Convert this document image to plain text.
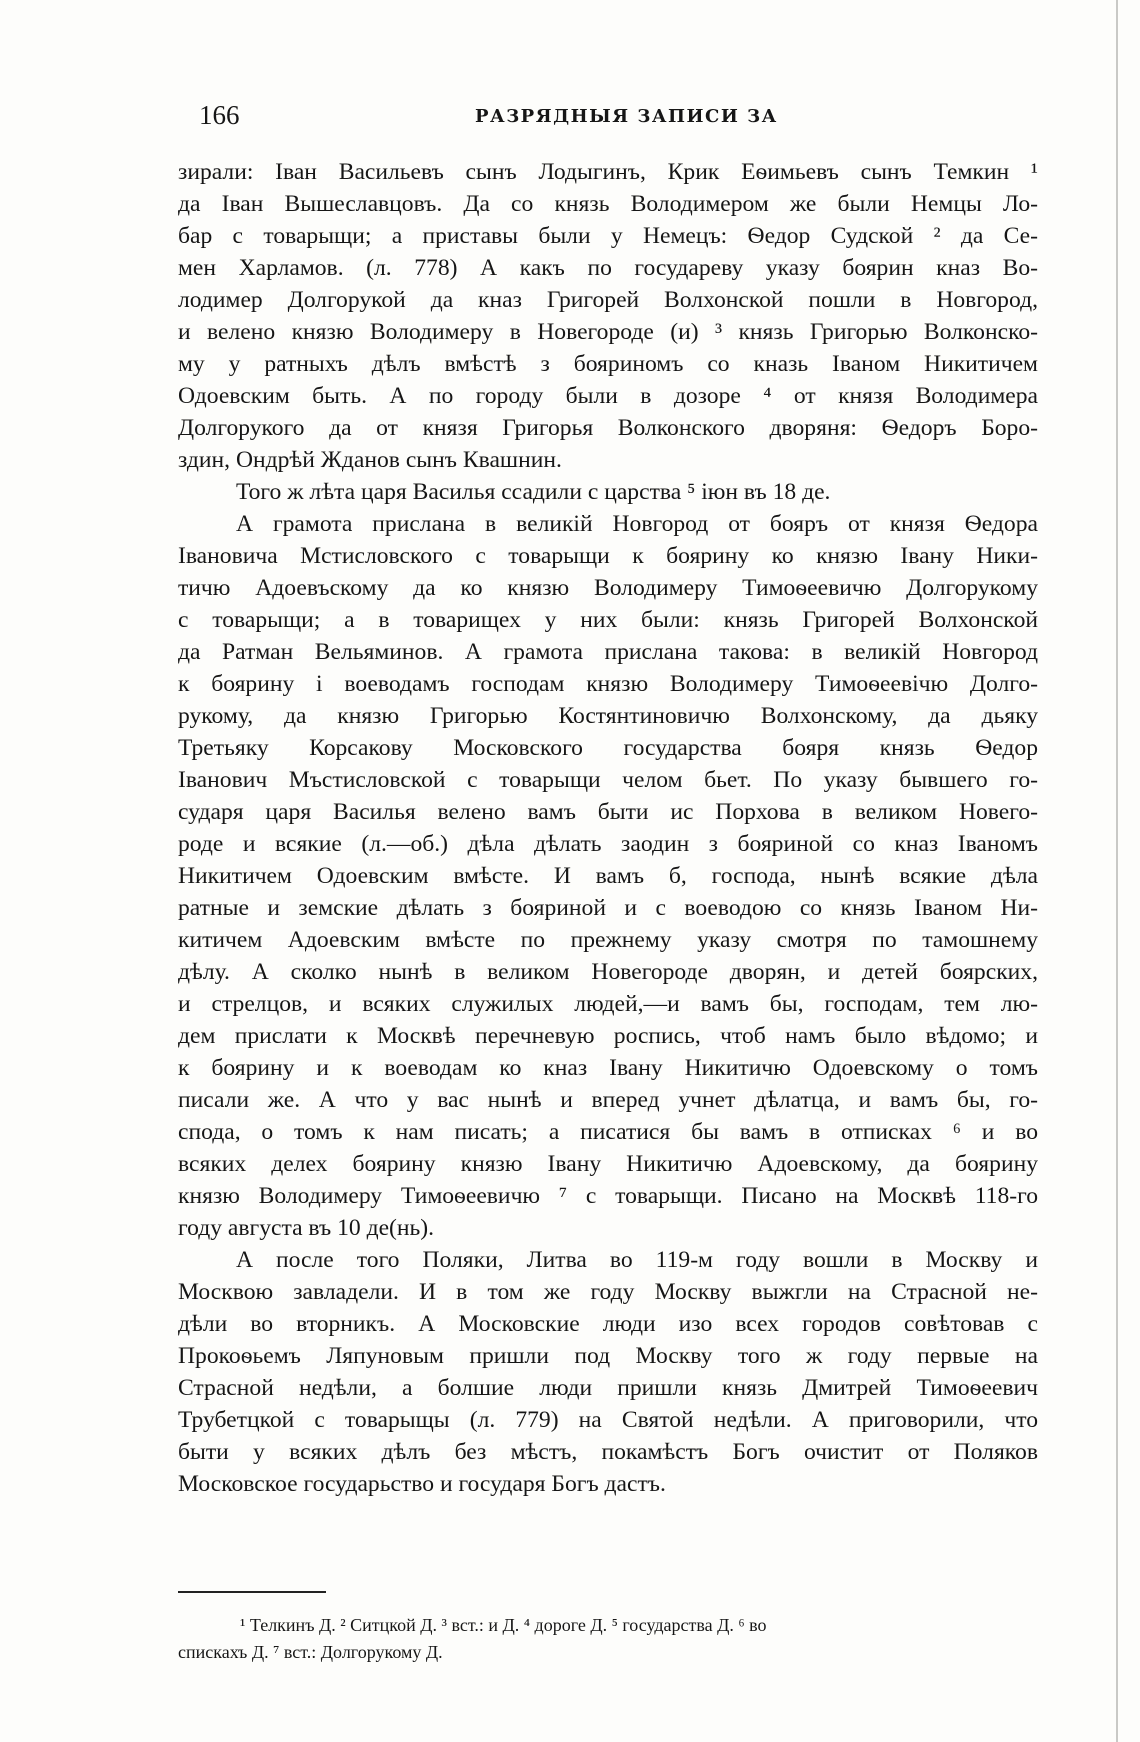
166	РАЗРЯДНЫЯ ЗАПИСИ ЗА
зирали: Іван Васильевъ сынъ Лодыгинъ, Крик Еѳимьевъ сынъ Темкин ¹
да Іван Вышеславцовъ. Да со князь Володимером же были Немцы Ло-
бар с товарыщи; а приставы были у Немецъ: Ѳедор Судской ² да Се-
мен Харламов. (л. 778) А какъ по государеву указу боярин кназ Во-
лодимер Долгорукой да кназ Григорей Волхонской пошли в Новгород,
и велено князю Володимеру в Новегороде (и) ³ князь Григорью Волконско-
му у ратныхъ дѣлъ вмѣстѣ з бояриномъ со кназь Іваном Никитичем
Одоевским быть. А по городу были в дозоре ⁴ от князя Володимера
Долгорукого да от князя Григорья Волконского дворяня: Ѳедоръ Боро-
здин, Ондрѣй Жданов сынъ Квашнин.
Того ж лѣта царя Василья ссадили с царства ⁵ іюн въ 18 де.
А грамота прислана в великій Новгород от бояръ от князя Ѳедора
Івановича Мстисловского с товарыщи к боярину ко князю Івану Ники-
тичю Адоевъскому да ко князю Володимеру Тимоѳеевичю Долгорукому
с товарыщи; а в товарищех у них были: князь Григорей Волхонской
да Ратман Вельяминов. А грамота прислана такова: в великій Новгород
к боярину і воеводамъ господам князю Володимеру Тимоѳеевічю Долго-
рукому, да князю Григорью Костянтиновичю Волхонскому, да дьяку
Третьяку Корсакову Московского государства бояря князь Ѳедор
Іванович Мъстисловской с товарыщи челом бьет. По указу бывшего го-
сударя царя Василья велено вамъ быти ис Порхова в великом Новего-
роде и всякие (л.—об.) дѣла дѣлать заодин з бояриной со кназ Іваномъ
Никитичем Одоевским вмѣсте. И вамъ б, господа, нынѣ всякие дѣла
ратные и земские дѣлать з бояриной и с воеводою со князь Іваном Ни-
китичем Адоевским вмѣсте по прежнему указу смотря по тамошнему
дѣлу. А сколко нынѣ в великом Новегороде дворян, и детей боярских,
и стрелцов, и всяких служилых людей,—и вамъ бы, господам, тем лю-
дем прислати к Москвѣ перечневую роспись, чтоб намъ было вѣдомо; и
к боярину и к воеводам ко кназ Івану Никитичю Одоевскому о томъ
писали же. А что у вас нынѣ и вперед учнет дѣлатца, и вамъ бы, го-
спода, о томъ к нам писать; а писатися бы вамъ в отписках ⁶ и во
всяких делех боярину князю Івану Никитичю Адоевскому, да боярину
князю Володимеру Тимоѳеевичю ⁷ с товарыщи. Писано на Москвѣ 118-го
году августа въ 10 де(нь).
А после того Поляки, Литва во 119-м году вошли в Москву и
Москвою завладели. И в том же году Москву выжгли на Страсной не-
дѣли во вторникъ. А Московские люди изо всех городов совѣтовав с
Прокоѳьемъ Ляпуновым пришли под Москву того ж году первые на
Страсной недѣли, а болшие люди пришли князь Дмитрей Тимоѳеевич
Трубетцкой с товарыщы (л. 779) на Святой недѣли. А приговорили, что
быти у всяких дѣлъ без мѣстъ, покамѣстъ Богъ очистит от Поляков
Московское государьство и государя Богъ дастъ.
¹ Телкинъ Д. ² Ситцкой Д. ³ вст.: и Д. ⁴ дороге Д. ⁵ государства Д. ⁶ во
спискахъ Д. ⁷ вст.: Долгорукому Д.
